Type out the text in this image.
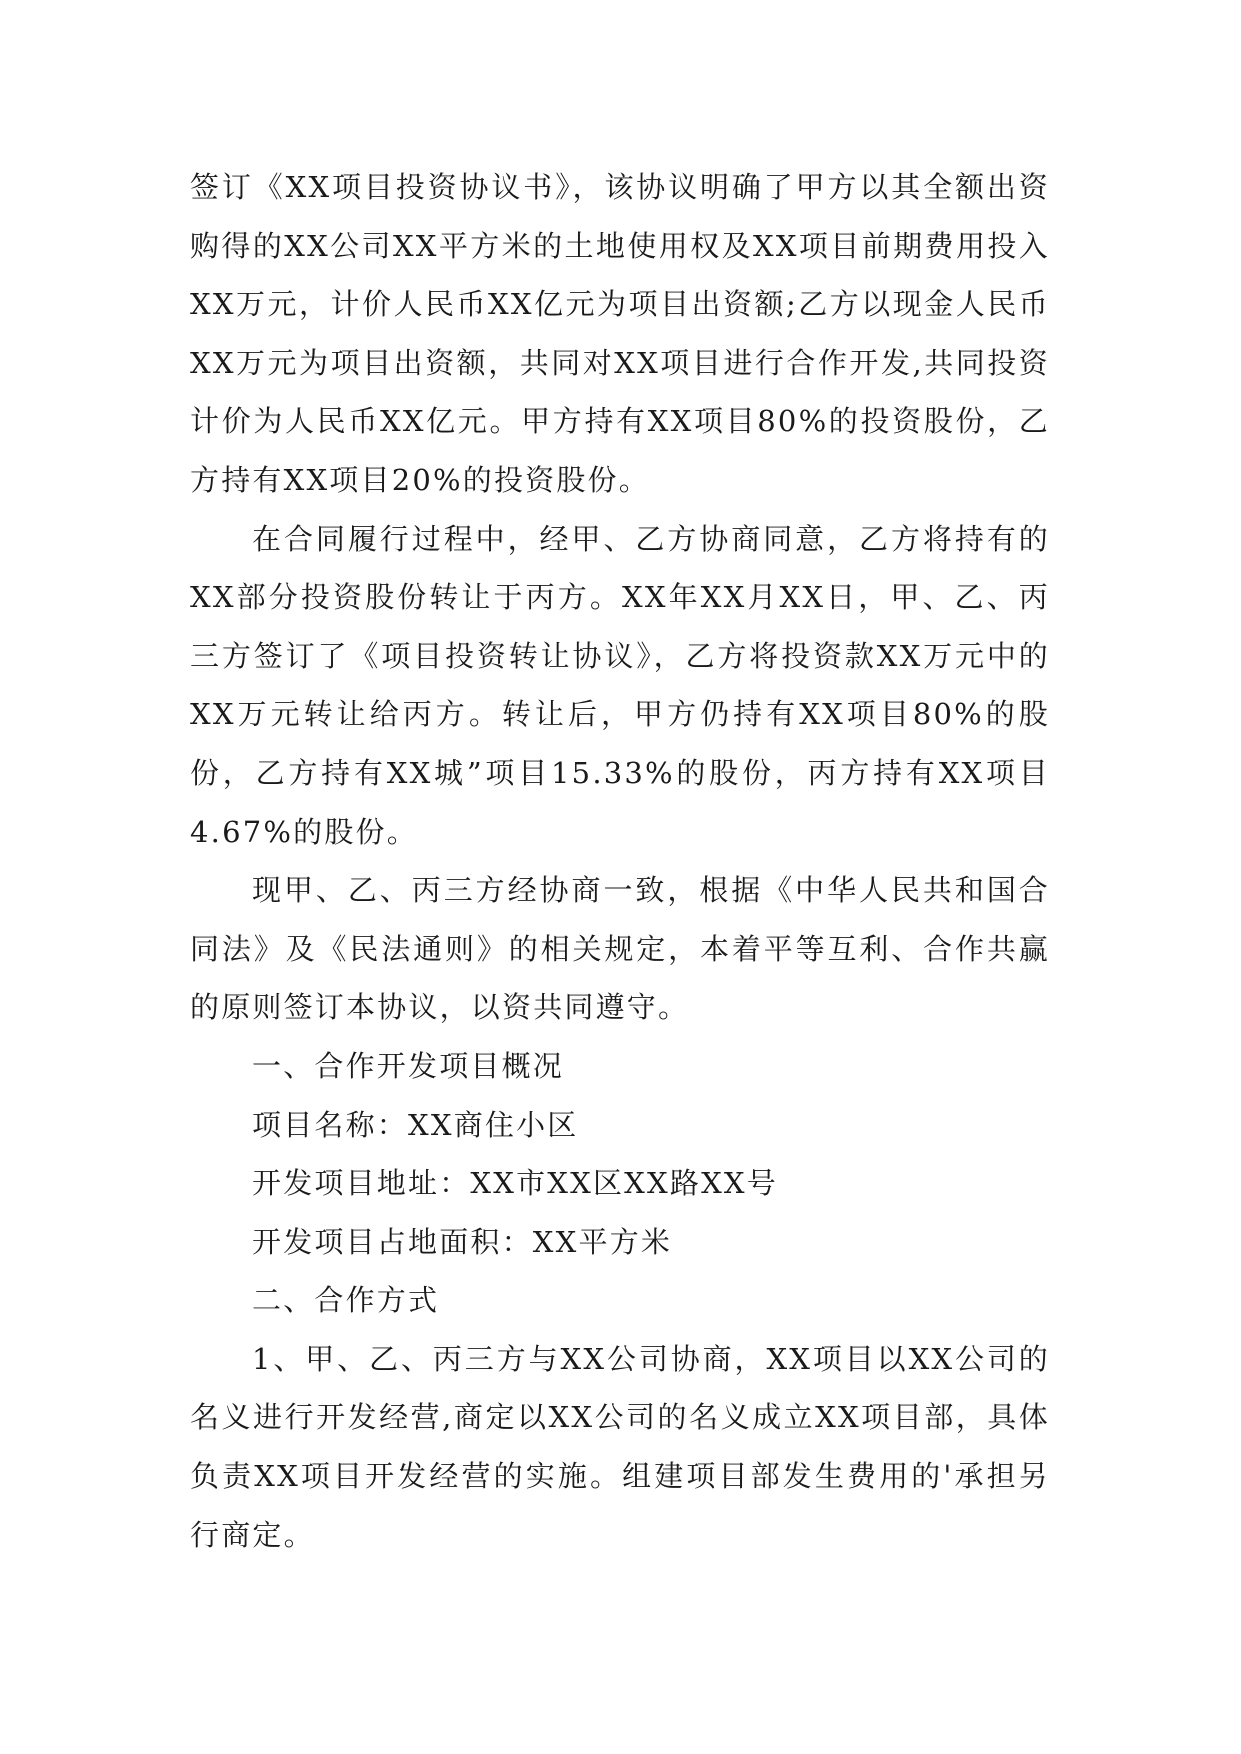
签订《XX项目投资协议书》，该协议明确了甲方以其全额出资购得的XX公司XX平方米的土地使用权及XX项目前期费用投入XX万元，计价人民币XX亿元为项目出资额;乙方以现金人民币XX万元为项目出资额，共同对XX项目进行合作开发,共同投资计价为人民币XX亿元。甲方持有XX项目80%的投资股份，乙方持有XX项目20%的投资股份。

在合同履行过程中，经甲、乙方协商同意，乙方将持有的XX部分投资股份转让于丙方。XX年XX月XX日，甲、乙、丙三方签订了《项目投资转让协议》，乙方将投资款XX万元中的XX万元转让给丙方。转让后，甲方仍持有XX项目80%的股份，乙方持有XX城”项目15.33%的股份，丙方持有XX项目4.67%的股份。

现甲、乙、丙三方经协商一致，根据《中华人民共和国合同法》及《民法通则》的相关规定，本着平等互利、合作共赢的原则签订本协议，以资共同遵守。

一、合作开发项目概况

项目名称：XX商住小区

开发项目地址：XX市XX区XX路XX号

开发项目占地面积：XX平方米

二、合作方式

1、甲、乙、丙三方与XX公司协商，XX项目以XX公司的名义进行开发经营,商定以XX公司的名义成立XX项目部，具体负责XX项目开发经营的实施。组建项目部发生费用的'承担另行商定。
